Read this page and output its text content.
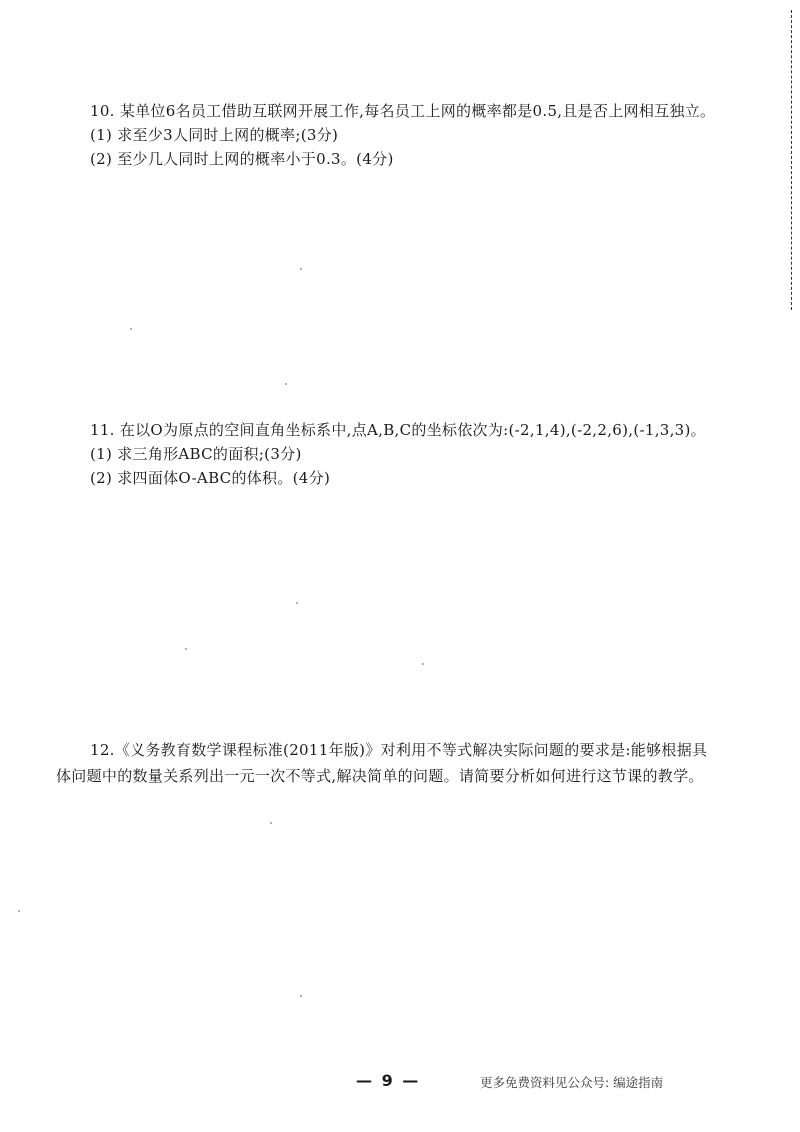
10. 某单位6名员工借助互联网开展工作,每名员工上网的概率都是0.5,且是否上网相互独立。

(1) 求至少3人同时上网的概率;(3分)

(2) 至少几人同时上网的概率小于0.3。(4分)

11. 在以O为原点的空间直角坐标系中,点A,B,C的坐标依次为:(-2,1,4),(-2,2,6),(-1,3,3)。

(1) 求三角形ABC的面积;(3分)

(2) 求四面体O-ABC的体积。(4分)

12.《义务教育数学课程标准(2011年版)》对利用不等式解决实际问题的要求是:能够根据具体问题中的数量关系列出一元一次不等式,解决简单的问题。请简要分析如何进行这节课的教学。

— 9 —	更多免费资料见公众号: 编途指南
